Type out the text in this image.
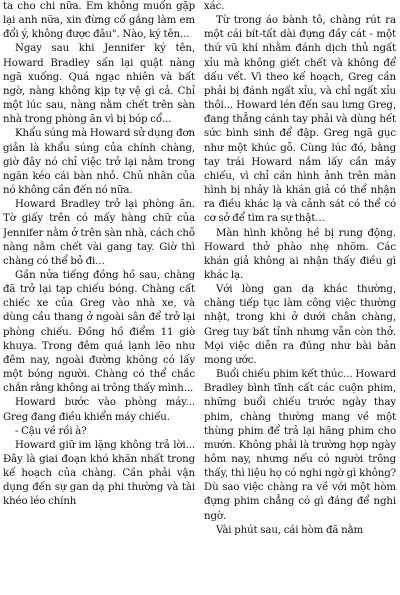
ta cho chi nữa. Em không muốn gặp lại anh nữa, xin đừng cố gắng làm em đổi ý, không được đâu". Nào, ký tên...

Ngay sau khi Jennifer ký tên, Howard Bradley sấn lại quật nàng ngã xuống. Quá ngạc nhiên và bất ngờ, nàng không kịp tự vệ gì cả. Chỉ một lúc sau, nàng nằm chết trên sàn nhà trong phòng ăn vì bị bóp cổ...

Khẩu súng mà Howard sử dụng đơn giản là khẩu súng của chính chàng, giờ đây nó chỉ việc trở lại nằm trong ngăn kéo cái bàn nhỏ. Chủ nhân của nó không cần đến nó nữa.

Howard Bradley trở lại phòng ăn. Tờ giấy trên có mấy hàng chữ của Jennifer nằm ở trên sàn nhà, cách chỗ nàng nằm chết vài gang tay. Giờ thì chàng có thể bỏ đi...

Gần nửa tiếng đồng hồ sau, chàng đã trở lại tạp chiếu bóng. Chàng cất chiếc xe của Greg vào nhà xe, và dùng cầu thang ở ngoài sân để trở lại phòng chiếu. Đồng hồ điểm 11 giờ khuya. Trong đêm quá lạnh lẽo như đêm nay, ngoài đường không có lấy một bóng người. Chàng có thể chắc chắn rằng không ai trông thấy mình...

Howard bước vào phòng máy... Greg đang điều khiển máy chiếu.

- Cậu về rồi à?

Howard giữ im lặng không trả lời... Đây là giai đoạn khó khăn nhất trong kế hoạch của chàng. Cần phải vận dụng đến sự gan dạ phi thường và tài khéo léo chính

xác.

Từ trong áo bành tô, chàng rút ra một cái bít-tất dài đựng đầy cát - một thứ vũ khí nhằm đánh dịch thủ ngất xỉu mà không giết chết và không để dấu vết. Vì theo kế hoạch, Greg cần phải bị đánh ngất xỉu, và chỉ ngất xỉu thôi... Howard lén đến sau lưng Greg, đang thẳng cánh tay phải và dùng hết sức bình sinh để đập. Greg ngã gục như một khúc gỗ. Cùng lúc đó, bằng tay trái Howard nắm lấy cần máy chiếu, vì chỉ cần hình ảnh trên màn hình bị nhảy là khán giả có thể nhận ra điều khác lạ và cảnh sát có thể có cơ sở để tìm ra sự thật...

Màn hình không hề bị rung động. Howard thở phào nhẹ nhõm. Các khán giả không ai nhận thấy điều gì khác lạ.

Với lòng gan dạ khác thường, chàng tiếp tục làm công việc thường nhật, trong khi ở dưới chân chàng, Greg tuy bất tỉnh nhưng vẫn còn thở. Mọi việc diễn ra đúng như bài bản mong ước.

Buổi chiếu phim kết thúc... Howard Bradley bình tĩnh cất các cuộn phim, những buổi chiếu trước ngày thay phim, chàng thường mang về một thùng phim để trả lại hãng phim cho mướn. Không phải là trường hợp ngày hôm nay, nhưng nếu có người trông thấy, thì liệu họ có nghi ngờ gì không? Dù sao việc chàng ra về với một hòm đựng phim chẳng có gì đáng để nghi ngờ.

Vài phút sau, cái hòm đã nằm
